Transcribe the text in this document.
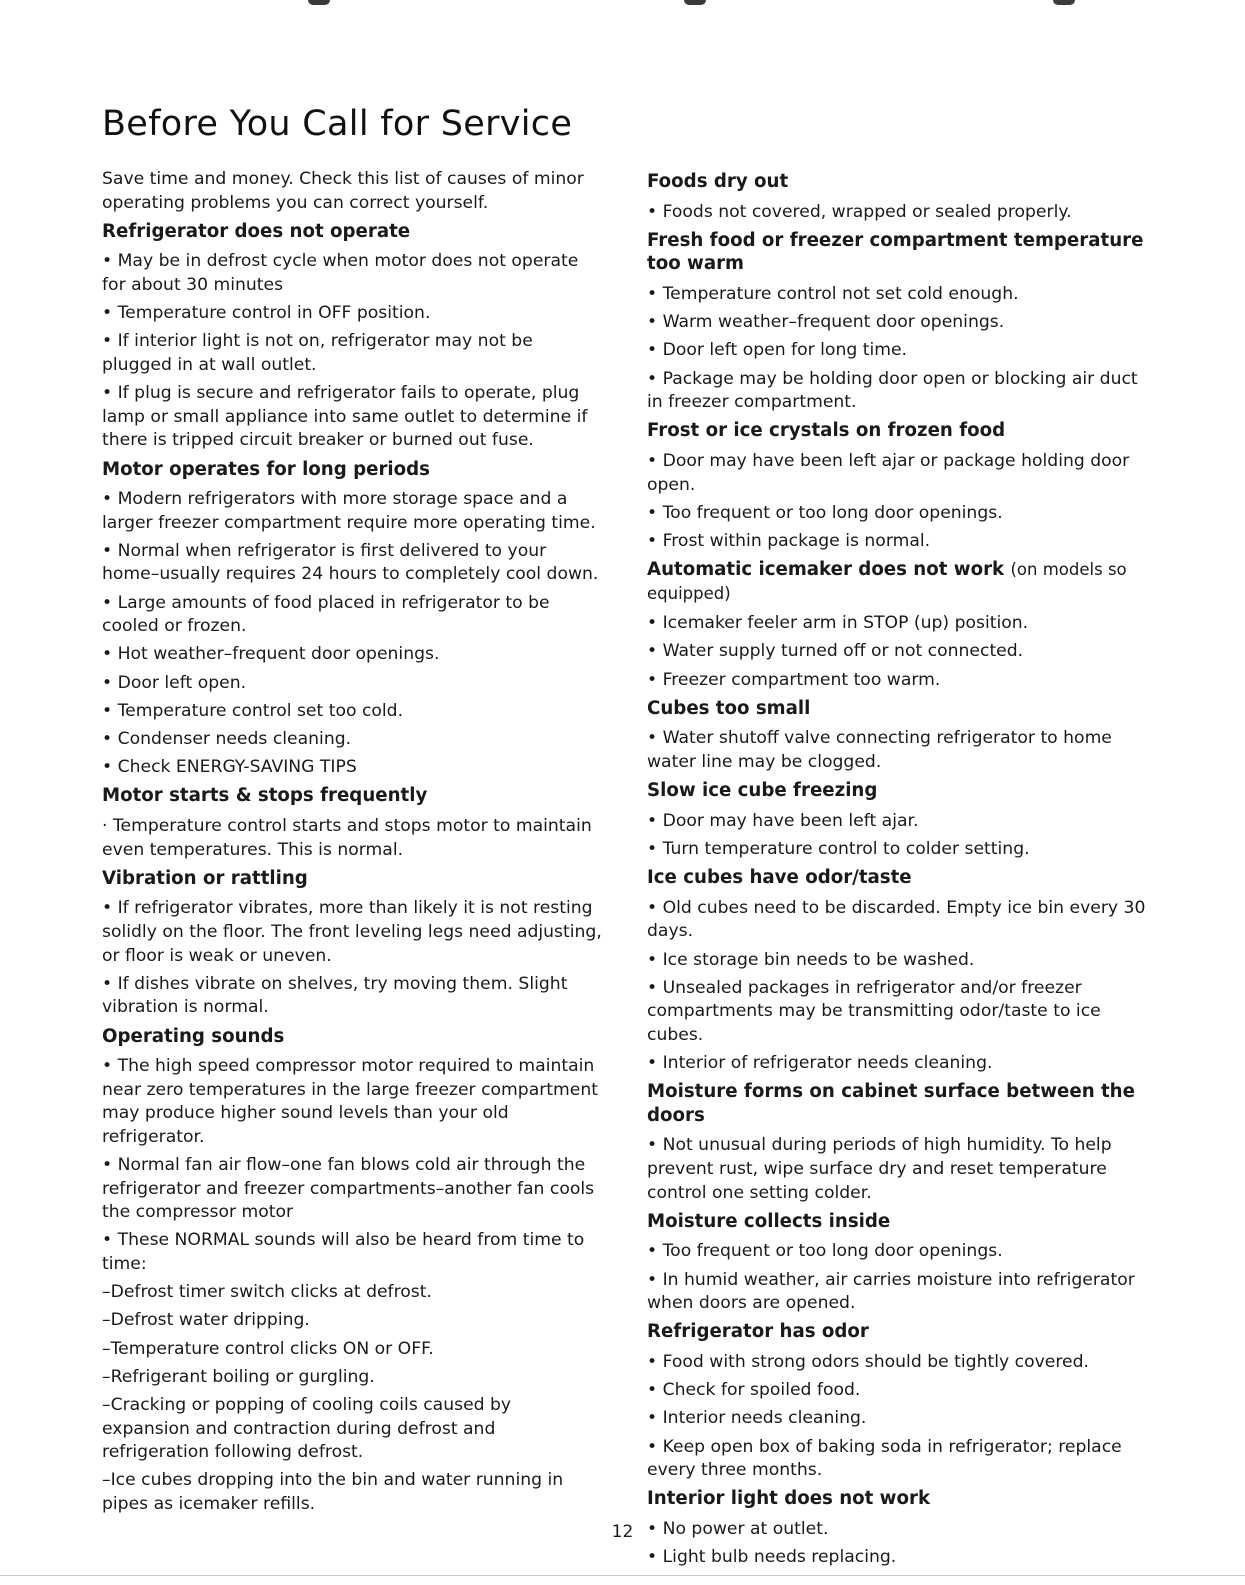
Before You Call for Service

Save time and money. Check this list of causes of minor operating problems you can correct yourself.

Refrigerator does not operate

• May be in defrost cycle when motor does not operate for about 30 minutes

• Temperature control in OFF position.

• If interior light is not on, refrigerator may not be plugged in at wall outlet.

• If plug is secure and refrigerator fails to operate, plug lamp or small appliance into same outlet to determine if there is tripped circuit breaker or burned out fuse.

Motor operates for long periods

• Modern refrigerators with more storage space and a larger freezer compartment require more operating time.

• Normal when refrigerator is first delivered to your home–usually requires 24 hours to completely cool down.

• Large amounts of food placed in refrigerator to be cooled or frozen.

• Hot weather–frequent door openings.

• Door left open.

• Temperature control set too cold.

• Condenser needs cleaning.

• Check ENERGY-SAVING TIPS

Motor starts & stops frequently

· Temperature control starts and stops motor to maintain even temperatures. This is normal.

Vibration or rattling

• If refrigerator vibrates, more than likely it is not resting solidly on the floor. The front leveling legs need adjusting, or floor is weak or uneven.

• If dishes vibrate on shelves, try moving them. Slight vibration is normal.

Operating sounds

• The high speed compressor motor required to maintain near zero temperatures in the large freezer compartment may produce higher sound levels than your old refrigerator.

• Normal fan air flow–one fan blows cold air through the refrigerator and freezer compartments–another fan cools the compressor motor

• These NORMAL sounds will also be heard from time to time:

–Defrost timer switch clicks at defrost.

–Defrost water dripping.

–Temperature control clicks ON or OFF.

–Refrigerant boiling or gurgling.

–Cracking or popping of cooling coils caused by expansion and contraction during defrost and refrigeration following defrost.

–Ice cubes dropping into the bin and water running in pipes as icemaker refills.

Foods dry out

• Foods not covered, wrapped or sealed properly.

Fresh food or freezer compartment temperature too warm

• Temperature control not set cold enough.

• Warm weather–frequent door openings.

• Door left open for long time.

• Package may be holding door open or blocking air duct in freezer compartment.

Frost or ice crystals on frozen food

• Door may have been left ajar or package holding door open.

• Too frequent or too long door openings.

• Frost within package is normal.

Automatic icemaker does not work (on models so equipped)

• Icemaker feeler arm in STOP (up) position.

• Water supply turned off or not connected.

• Freezer compartment too warm.

Cubes too small

• Water shutoff valve connecting refrigerator to home water line may be clogged.

Slow ice cube freezing

• Door may have been left ajar.

• Turn temperature control to colder setting.

Ice cubes have odor/taste

• Old cubes need to be discarded. Empty ice bin every 30 days.

• Ice storage bin needs to be washed.

• Unsealed packages in refrigerator and/or freezer compartments may be transmitting odor/taste to ice cubes.

• Interior of refrigerator needs cleaning.

Moisture forms on cabinet surface between the doors

• Not unusual during periods of high humidity. To help prevent rust, wipe surface dry and reset temperature control one setting colder.

Moisture collects inside

• Too frequent or too long door openings.

• In humid weather, air carries moisture into refrigerator when doors are opened.

Refrigerator has odor

• Food with strong odors should be tightly covered.

• Check for spoiled food.

• Interior needs cleaning.

• Keep open box of baking soda in refrigerator; replace every three months.

Interior light does not work

• No power at outlet.

• Light bulb needs replacing.

12
